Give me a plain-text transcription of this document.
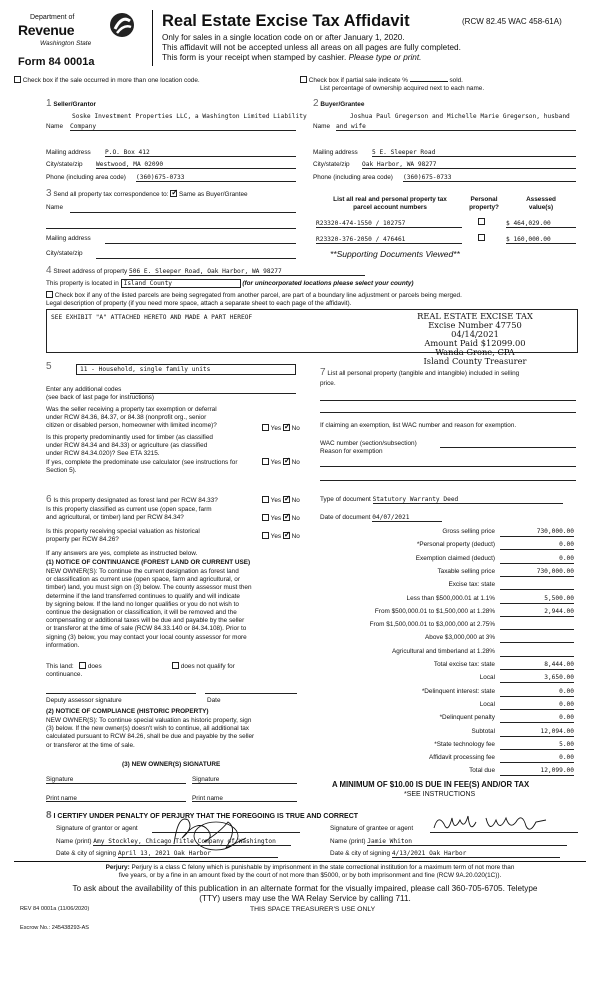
Department of
Revenue
Washington State
Form 84 0001a
Real Estate Excise Tax Affidavit	(RCW 82.45 WAC 458-61A)
Only for sales in a single location code on or after January 1, 2020.
This affidavit will not be accepted unless all areas on all pages are fully completed.
This form is your receipt when stamped by cashier. Please type or print.
Check box if the sale occurred in more than one location code.	Check box if partial sale indicate %	sold.
List percentage of ownership acquired next to each name.
1 Seller/Grantor
Soske Investment Properties LLC, a Washington Limited Liability
Name Company
Mailing address P.O. Box 412
City/state/zip Westwood, MA 02090
Phone (including area code) (360)675-0733
2 Buyer/Grantee
Joshua Paul Gregerson and Michelle Marie Gregerson, husband
Name and wife
Mailing address 5 E. Sleeper Road
City/state/zip Oak Harbor, WA 98277
Phone (including area code) (360)675-0733
3 Send all property tax correspondence to: ✓ Same as Buyer/Grantee
Name
Mailing address
City/state/zip
List all real and personal property tax
parcel account numbers
Personal
property?
Assessed
value(s)
R23320-474-1550 / 102757	$ 464,029.00
R23320-376-2050 / 476461	$ 160,000.00
**Supporting Documents Viewed**
4 Street address of property 506 E. Sleeper Road, Oak Harbor, WA 98277
This property is located in Island County	(for unincorporated locations please select your county)
Check box if any of the listed parcels are being segregated from another parcel, are part of a boundary line adjustment or parcels being merged.
Legal description of property (if you need more space, attach a separate sheet to each page of the affidavit).
SEE EXHIBIT "A" ATTACHED HERETO AND MADE A PART HEREOF	REAL ESTATE EXCISE TAX
Excise Number 47750
04/14/2021
Amount Paid $12099.00
Wanda Grone, CPA
Island County Treasurer
5	11 - Household, single family units
Enter any additional codes
(see back of last page for instructions)
Was the seller receiving a property tax exemption or deferral
under RCW 84.36, 84.37, or 84.38 (nonprofit org., senior
citizen or disabled person, homeowner with limited income)?	Yes ✓ No
Is this property predominantly used for timber (as classified
under RCW 84.34 and 84.33) or agriculture (as classified
under RCW 84.34.020)? See ETA 3215.
If yes, complete the predominate use calculator (see instructions for
Section 5).
Yes ✓ No
7 List all personal property (tangible and intangible) included in selling
price.
If claiming an exemption, list WAC number and reason for exemption.
WAC number (section/subsection)
Reason for exemption
6 Is this property designated as forest land per RCW 84.33?	Yes ✓ No
Is this property classified as current use (open space, farm
and agricultural, or timber) land per RCW 84.34?	Yes ✓ No
Is this property receiving special valuation as historical
property per RCW 84.26?	Yes ✓ No
If any answers are yes, complete as instructed below.
(1) NOTICE OF CONTINUANCE (FOREST LAND OR CURRENT USE)
NEW OWNER(S): To continue the current designation as forest land
or classification as current use (open space, farm and agricultural, or
timber) land, you must sign on (3) below. The county assessor must then
determine if the land transferred continues to qualify and will indicate
by signing below. If the land no longer qualifies or you do not wish to
continue the designation or classification, it will be removed and the
compensating or additional taxes will be due and payable by the seller
or transferor at the time of sale (RCW 84.33.140 or 84.34.108). Prior to
signing (3) below, you may contact your local county assessor for more
information.
This land: does	does not qualify for
continuance.
Deputy assessor signature	Date
(2) NOTICE OF COMPLIANCE (HISTORIC PROPERTY)
NEW OWNER(S): To continue special valuation as historic property, sign
(3) below. If the new owner(s) doesn't wish to continue, all additional tax
calculated pursuant to RCW 84.26, shall be due and payable by the seller
or transferor at the time of sale.
(3) NEW OWNER(S) SIGNATURE
Signature	Signature
Print name	Print name
Type of document Statutory Warranty Deed
Date of document 04/07/2021
Gross selling price	730,000.00
*Personal property (deduct)	0.00
Exemption claimed (deduct)	0.00
Taxable selling price	730,000.00
Excise tax: state
Less than $500,000.01 at 1.1%	5,500.00
From $500,000.01 to $1,500,000 at 1.28%	2,944.00
From $1,500,000.01 to $3,000,000 at 2.75%
Above $3,000,000 at 3%
Agricultural and timberland at 1.28%
Total excise tax: state	8,444.00
Local	3,650.00
*Delinquent interest: state	0.00
Local	0.00
*Delinquent penalty	0.00
Subtotal	12,094.00
*State technology fee	5.00
Affidavit processing fee	0.00
Total due	12,099.00
A MINIMUM OF $10.00 IS DUE IN FEE(S) AND/OR TAX
*SEE INSTRUCTIONS
8 I CERTIFY UNDER PENALTY OF PERJURY THAT THE FOREGOING IS TRUE AND CORRECT
Signature of grantor or agent
Name (print) Amy Stockley, Chicago Title Company of Washington
Date & city of signing April 13, 2021 Oak Harbor
Signature of grantee or agent
Name (print) Jamie Whiton
Date & city of signing 4/13/2021 Oak Harbor
Perjury: Perjury is a class C felony which is punishable by imprisonment in the state correctional institution for a maximum term of not more than
five years, or by a fine in an amount fixed by the court of not more than $5000, or by both imprisonment and fine (RCW 9A.20.020(1C)).
To ask about the availability of this publication in an alternate format for the visually impaired, please call 360-705-6705. Teletype
(TTY) users may use the WA Relay Service by calling 711.
REV 84 0001a (11/06/2020)	THIS SPACE TREASURER'S USE ONLY
Escrow No.: 245438293-AS
